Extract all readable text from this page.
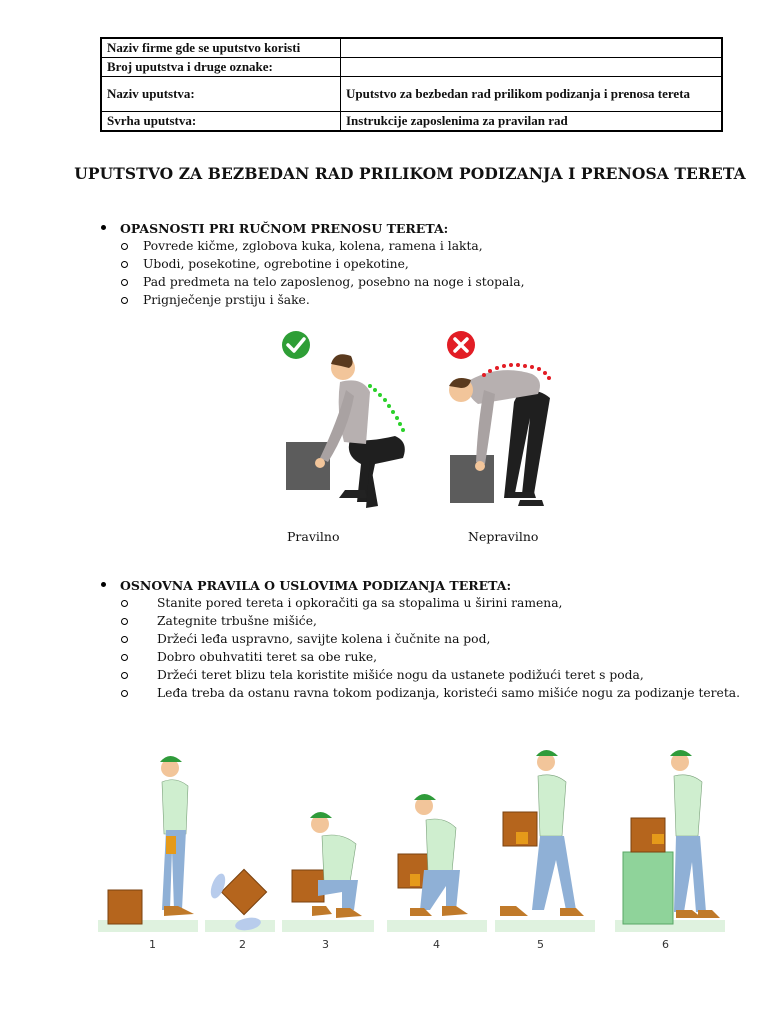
Naziv firme gde se uputstvo koristi	
Broj uputstva i druge oznake:	
Naziv uputstva:	Uputstvo za bezbedan rad prilikom podizanja i prenosa tereta
Svrha uputstva:	Instrukcije zaposlenima za pravilan rad
UPUTSTVO ZA BEZBEDAN RAD PRILIKOM PODIZANJA I PRENOSA TERETA
OPASNOSTI PRI RUČNOM PRENOSU TERETA:
Povrede kičme, zglobova kuka, kolena, ramena i lakta,
Ubodi, posekotine, ogrebotine i opekotine,
Pad predmeta na telo zaposlenog, posebno na noge i stopala,
Prignječenje prstiju i šake.
Pravilno	Nepravilno
OSNOVNA PRAVILA O USLOVIMA PODIZANJA TERETA:
Stanite pored tereta i opkoračiti ga sa stopalima u širini ramena,
Zategnite trbušne mišiće,
Držeći leđa uspravno, savijte kolena i čučnite na pod,
Dobro obuhvatiti teret sa obe ruke,
Držeći teret blizu tela koristite mišiće nogu da ustanete podižući teret s poda,
Leđa treba da ostanu ravna tokom podizanja, koristeći samo mišiće nogu za podizanje tereta.
1	2	3	4	5	6
